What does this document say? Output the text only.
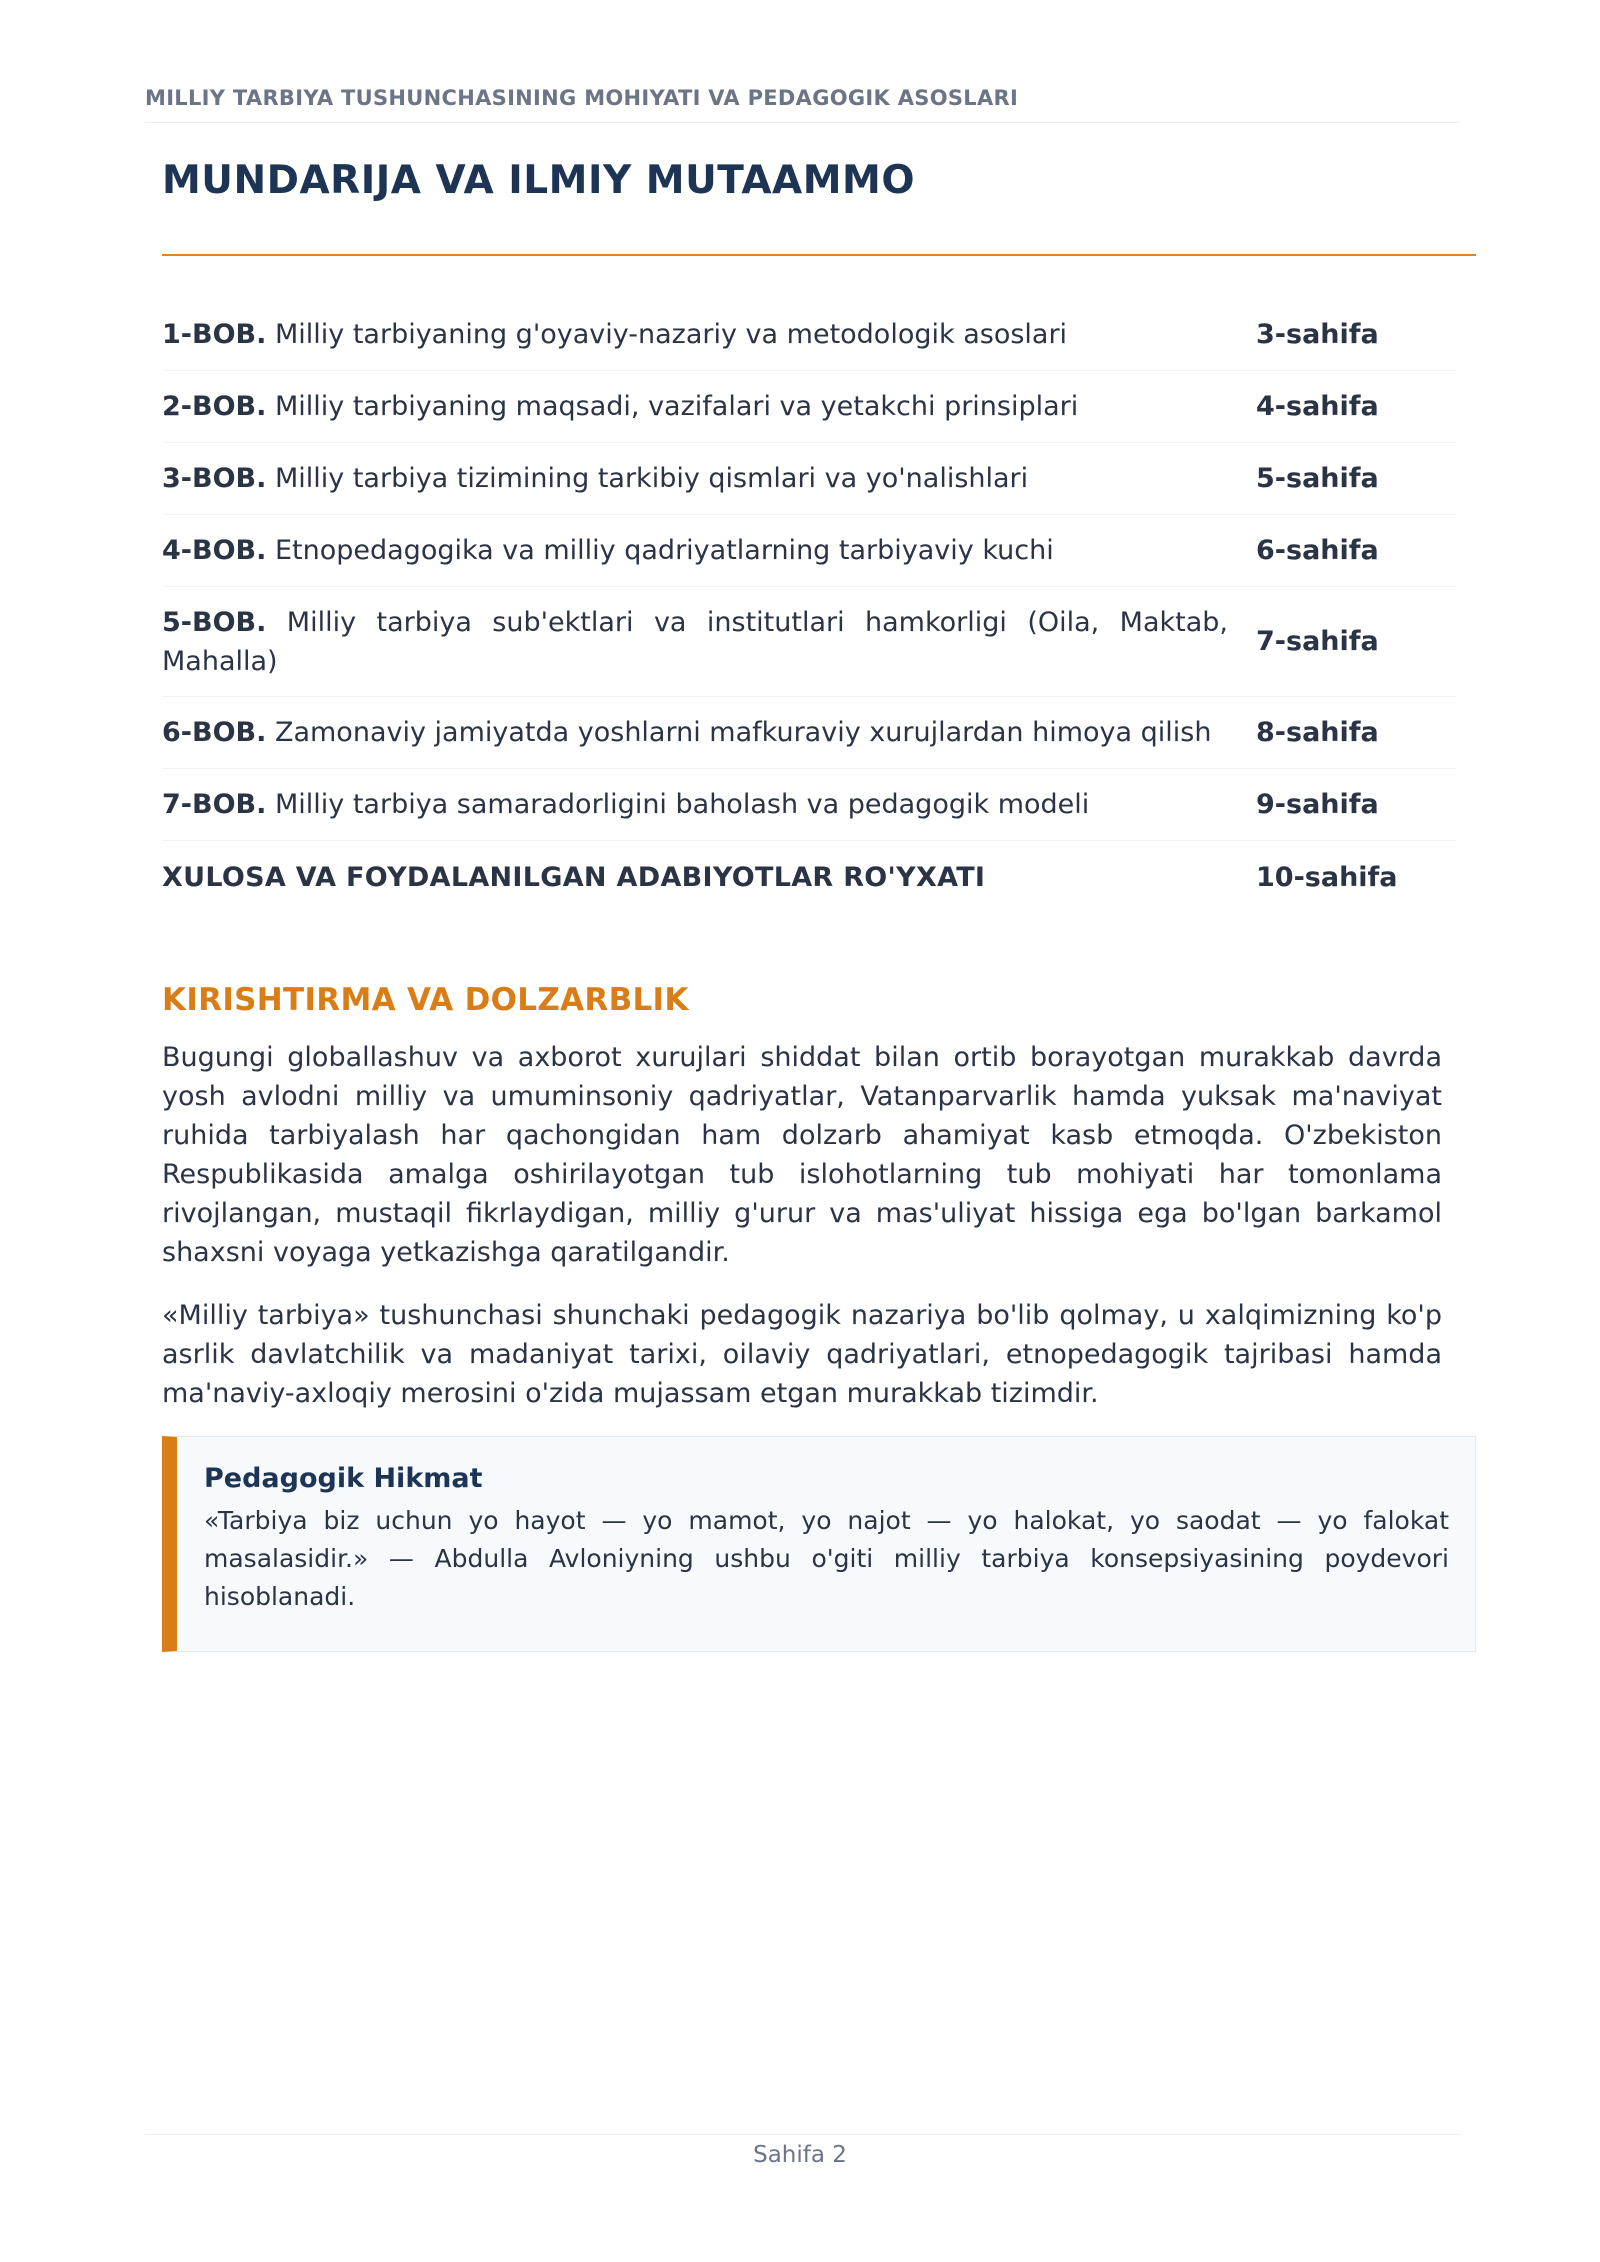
MILLIY TARBIYA TUSHUNCHASINING MOHIYATI VA PEDAGOGIK ASOSLARI
MUNDARIJA VA ILMIY MUTAAMMO
1-BOB. Milliy tarbiyaning g'oyaviy-nazariy va metodologik asoslari	3-sahifa
2-BOB. Milliy tarbiyaning maqsadi, vazifalari va yetakchi prinsiplari	4-sahifa
3-BOB. Milliy tarbiya tizimining tarkibiy qismlari va yo'nalishlari	5-sahifa
4-BOB. Etnopedagogika va milliy qadriyatlarning tarbiyaviy kuchi	6-sahifa
5-BOB. Milliy tarbiya sub'ektlari va institutlari hamkorligi (Oila, Maktab, Mahalla)
7-sahifa
6-BOB. Zamonaviy jamiyatda yoshlarni mafkuraviy xurujlardan himoya qilish	8-sahifa
7-BOB. Milliy tarbiya samaradorligini baholash va pedagogik modeli	9-sahifa
XULOSA VA FOYDALANILGAN ADABIYOTLAR RO'YXATI	10-sahifa
KIRISHTIRMA VA DOLZARBLIK

Bugungi globallashuv va axborot xurujlari shiddat bilan ortib borayotgan murakkab davrda yosh avlodni milliy va umuminsoniy qadriyatlar, Vatanparvarlik hamda yuksak ma'naviyat ruhida tarbiyalash har qachongidan ham dolzarb ahamiyat kasb etmoqda. O'zbekiston Respublikasida amalga oshirilayotgan tub islohotlarning tub mohiyati har tomonlama rivojlangan, mustaqil fikrlaydigan, milliy g'urur va mas'uliyat hissiga ega bo'lgan barkamol shaxsni voyaga yetkazishga qaratilgandir.

«Milliy tarbiya» tushunchasi shunchaki pedagogik nazariya bo'lib qolmay, u xalqimizning ko'p asrlik davlatchilik va madaniyat tarixi, oilaviy qadriyatlari, etnopedagogik tajribasi hamda ma'naviy-axloqiy merosini o'zida mujassam etgan murakkab tizimdir.

Pedagogik Hikmat

«Tarbiya biz uchun yo hayot — yo mamot, yo najot — yo halokat, yo saodat — yo falokat masalasidir.» — Abdulla Avloniyning ushbu o'giti milliy tarbiya konsepsiyasining poydevori hisoblanadi.

Sahifa 2
